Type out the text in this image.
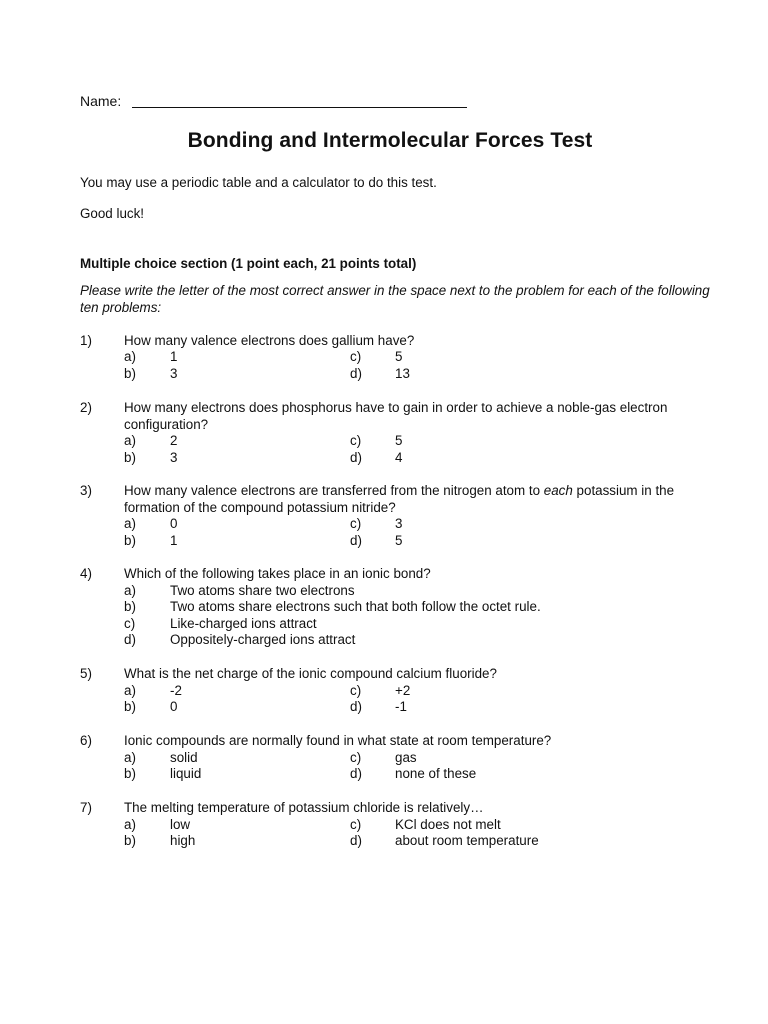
Name:
Bonding and Intermolecular Forces Test
You may use a periodic table and a calculator to do this test.
Good luck!
Multiple choice section (1 point each, 21 points total)
Please write the letter of the most correct answer in the space next to the problem for each of the following ten problems:
1) How many valence electrons does gallium have?
a)	1	c)	5
b)	3	d) 13
2) How many electrons does phosphorus have to gain in order to achieve a noble-gas electron configuration?
a)	2	c)	5
b)	3	d) 4
3) How many valence electrons are transferred from the nitrogen atom to each potassium in the formation of the compound potassium nitride?
a)	0	c)	3
b)	1	d) 5
4) Which of the following takes place in an ionic bond?
a)	Two atoms share two electrons
b)	Two atoms share electrons such that both follow the octet rule.
c)	Like-charged ions attract
d)	Oppositely-charged ions attract
5) What is the net charge of the ionic compound calcium fluoride?
a)	-2	c)	+2
b)	0	d) -1
6) Ionic compounds are normally found in what state at room temperature?
a)	solid	c)	gas
b)	liquid	d) none of these
7) The melting temperature of potassium chloride is relatively…
a)	low	c)	KCl does not melt
b)	high	d) about room temperature
